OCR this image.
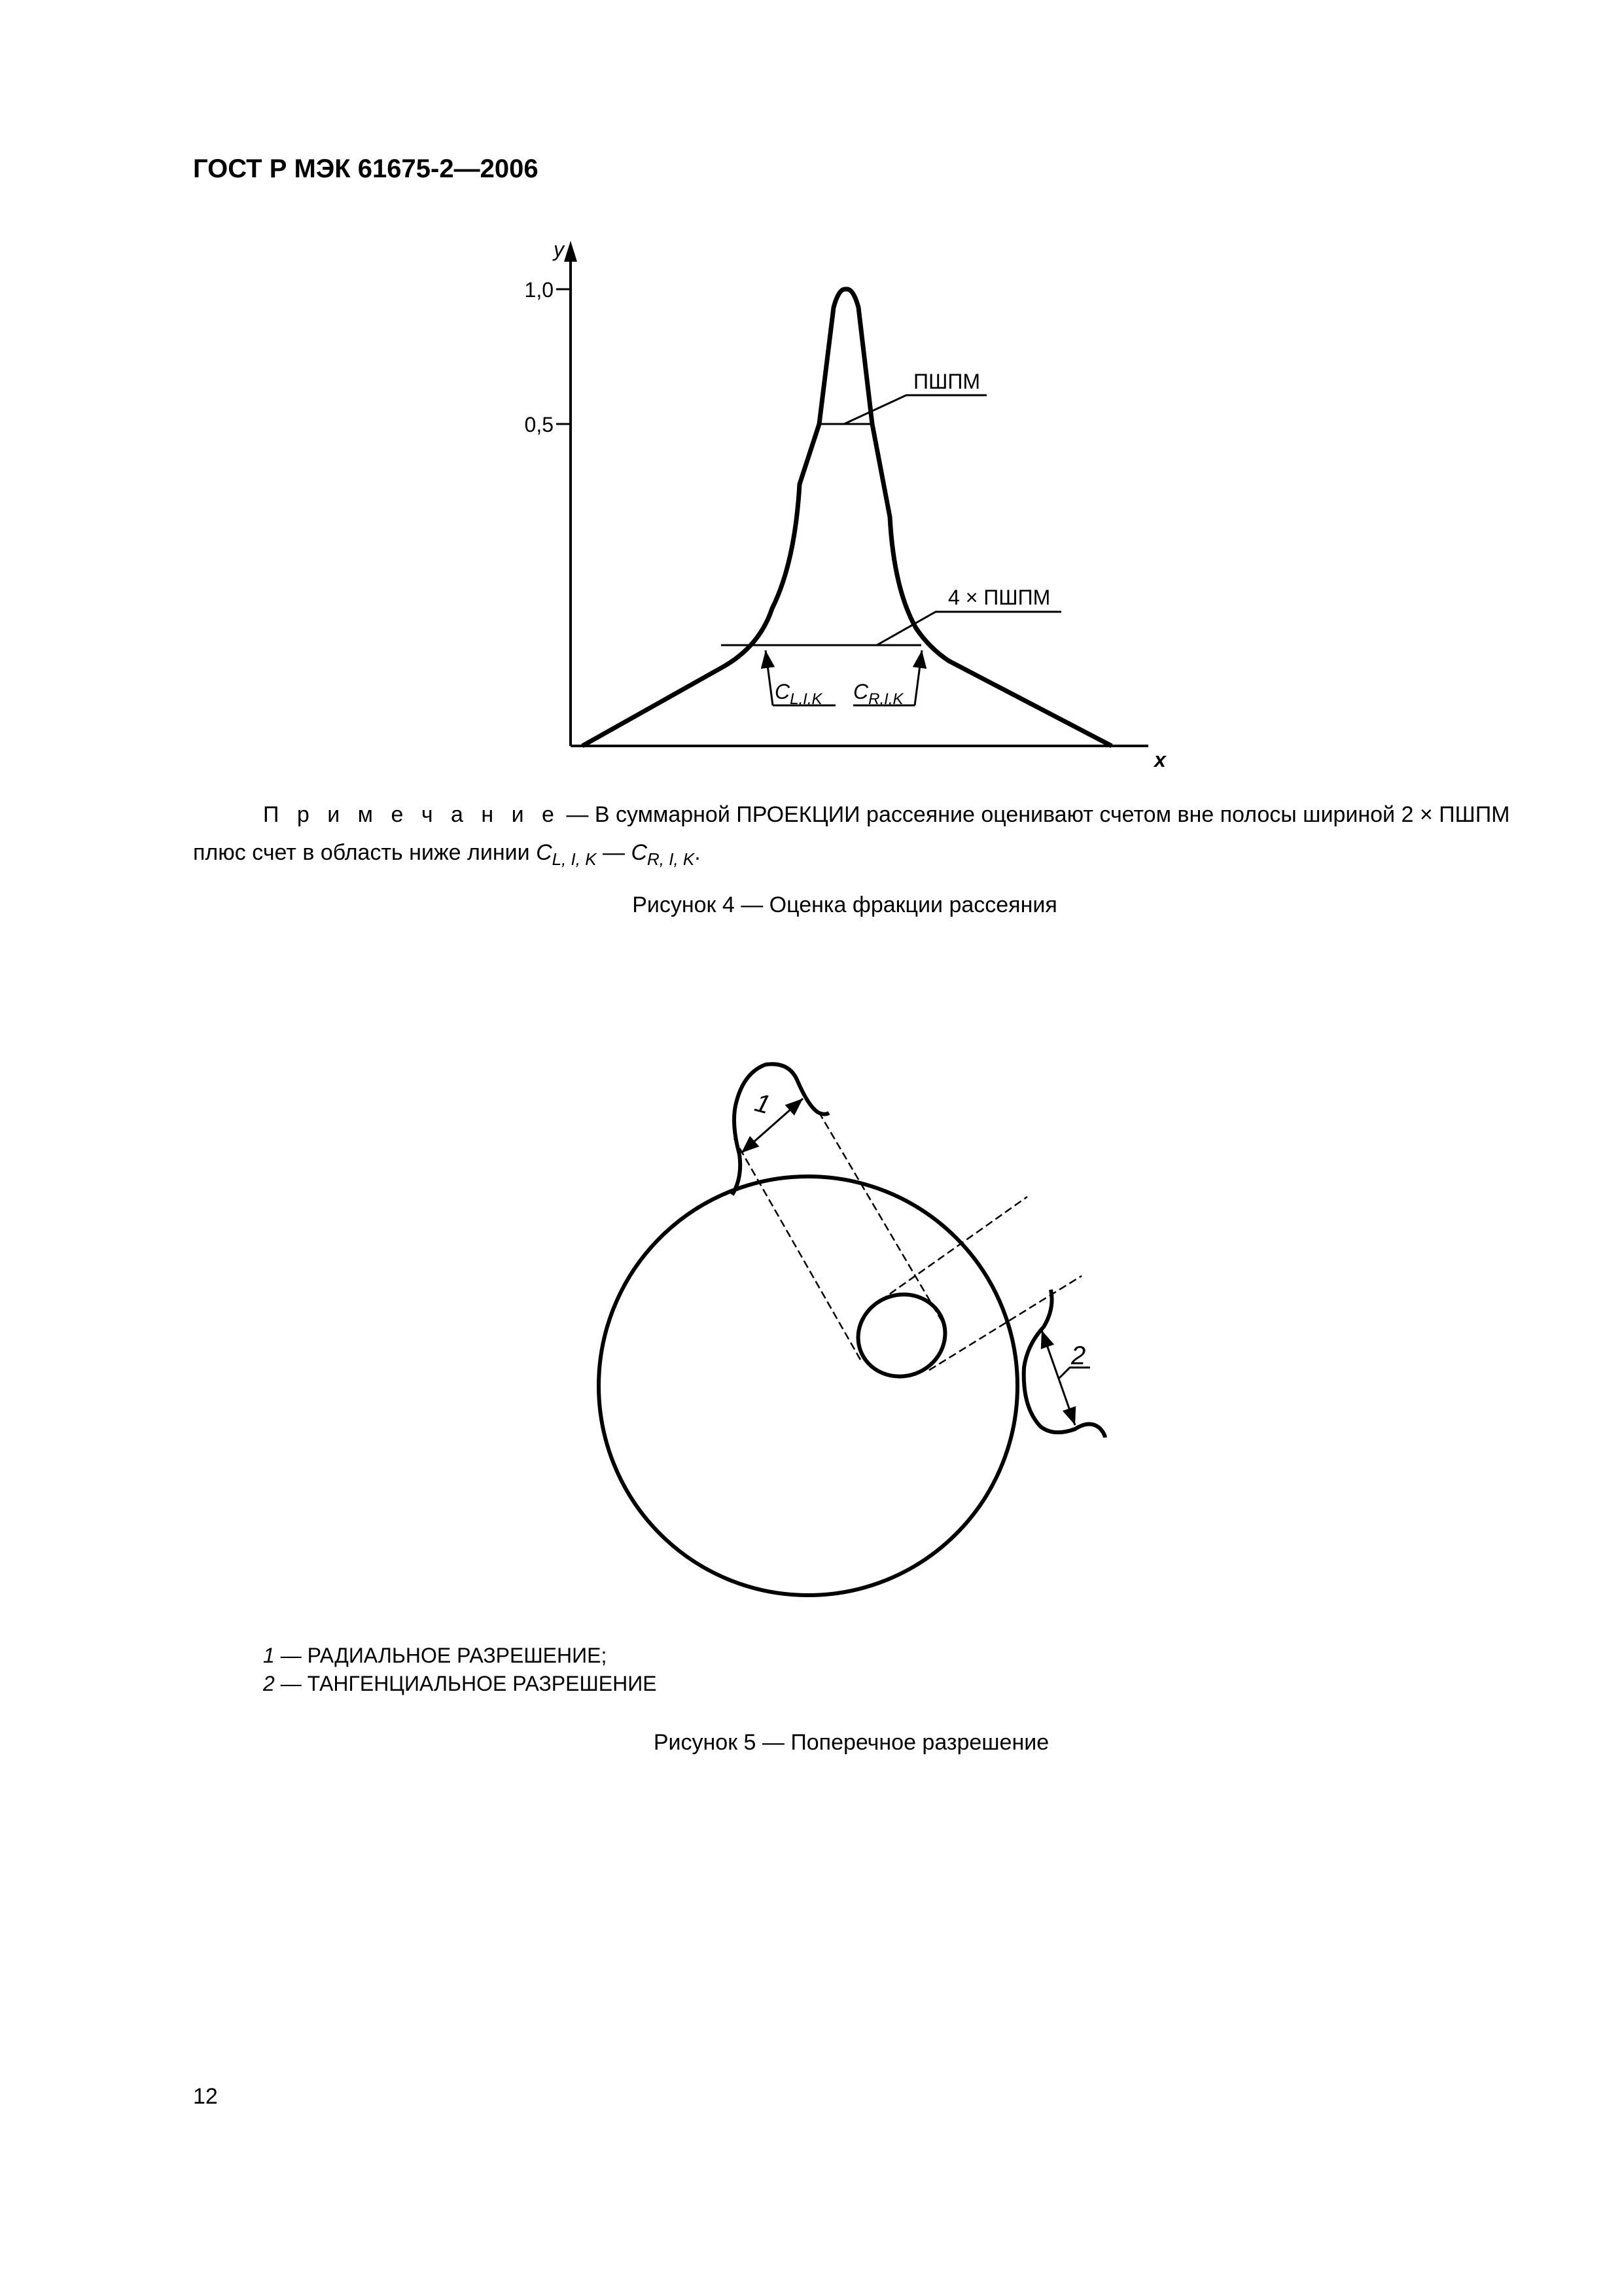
ГОСТ Р МЭК 61675-2—2006
y
x
1,0
0,5
ПШПМ
4 × ПШПМ
$C_{L,I,K}$ $C_{R,I,K}$
1
2
П р и м е ч а н и е — В суммарной ПРОЕКЦИИ рассеяние оценивают счетом вне полосы шириной 2 × ПШПМ
плюс счет в область ниже линии $C_{L, I, K}$ — $C_{R, I, K}$.
Рисунок 4 — Оценка фракции рассеяния
1 — РАДИАЛЬНОЕ РАЗРЕШЕНИЕ;
2 — ТАНГЕНЦИАЛЬНОЕ РАЗРЕШЕНИЕ
Рисунок 5 — Поперечное разрешение
12
